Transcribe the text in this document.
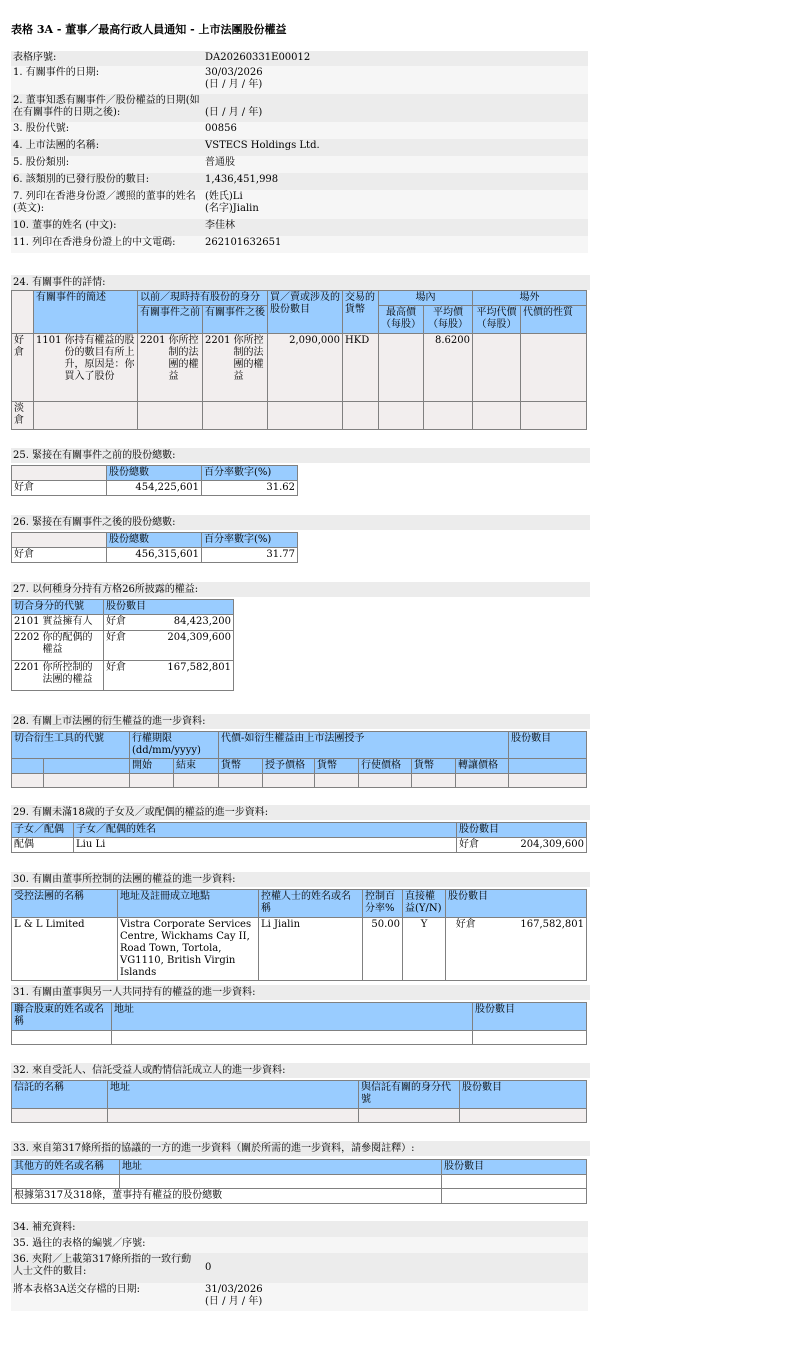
表格 3A - 董事／最高行政人員通知 - 上市法團股份權益
表格序號:	DA20260331E00012
1. 有關事件的日期:	30/03/2026
(日 / 月 / 年)

2. 董事知悉有關事件／股份權益的日期(如在有關事件的日期之後):	(日 / 月 / 年)

3. 股份代號:	00856
4. 上市法團的名稱:	VSTECS Holdings Ltd.
5. 股份類別:	普通股
6. 該類別的已發行股份的數目:	1,436,451,998
7. 列印在香港身份證／護照的董事的姓名(英文):	(姓氏)Li
(名字)Jialin

10. 董事的姓名 (中文):	李佳林
11. 列印在香港身份證上的中文電碼:	262101632651
24. 有關事件的詳情:
	有關事件的簡述	以前／現時持有股份的身分		買／賣或涉及的股份數目	交易的貨幣	場內		場外	
		有關事件之前	有關事件之後			最高價（每股）	平均價（每股）	平均代價（每股）	代價的性質
好倉	1101 你持有權益的股份的數目有所上升，原因是：你買入了股份	2201 你所控制的法團的權益	2201 你所控制的法團的權益	2,090,000	HKD		8.6200		
淡倉									
25. 緊接在有關事件之前的股份總數:
	股份總數	百分率數字(%)
好倉	454,225,601	31.62
26. 緊接在有關事件之後的股份總數:
	股份總數	百分率數字(%)
好倉	456,315,601	31.77
27. 以何種身分持有方格26所披露的權益:
切合身分的代號	股份數目	

2101 實益擁有人	好倉	84,423,200

2202 你的配偶的權益	好倉	204,309,600

2201 你所控制的法團的權益	好倉	167,582,801
28. 有關上市法團的衍生權益的進一步資料:
切合衍生工具的代號		行權期限(dd/mm/yyyy)		代價-如衍生權益由上市法團授予						股份數目
		開始	結束	貨幣	授予價格	貨幣	行使價格	貨幣	轉讓價格	

29. 有關未滿18歲的子女及／或配偶的權益的進一步資料:
子女／配偶	子女／配偶的姓名	股份數目	
配偶	Liu Li	好倉	204,309,600
30. 有關由董事所控制的法團的權益的進一步資料:
受控法團的名稱	地址及註冊成立地點	控權人士的姓名或名稱	控制百分率%	直接權益(Y/N)	股份數目	
L & L Limited	Vistra Corporate Services Centre, Wickhams Cay II, Road Town, Tortola, VG1110, British Virgin Islands	Li Jialin	50.00	Y	好倉	167,582,801
31. 有關由董事與另一人共同持有的權益的進一步資料:
聯合股東的姓名或名稱	地址	股份數目

32. 來自受託人、信託受益人或酌情信託成立人的進一步資料:
信託的名稱	地址	與信託有關的身分代號	股份數目

33. 來自第317條所指的協議的一方的進一步資料（關於所需的進一步資料，請參閱註釋）:
其他方的姓名或名稱	地址	股份數目

根據第317及318條，董事持有權益的股份總數		
34. 補充資料:	
35. 過往的表格的編號／序號:	
36. 夾附／上載第317條所指的一致行動人士文件的數目:	0
將本表格3A送交存檔的日期:	31/03/2026
(日 / 月 / 年)
